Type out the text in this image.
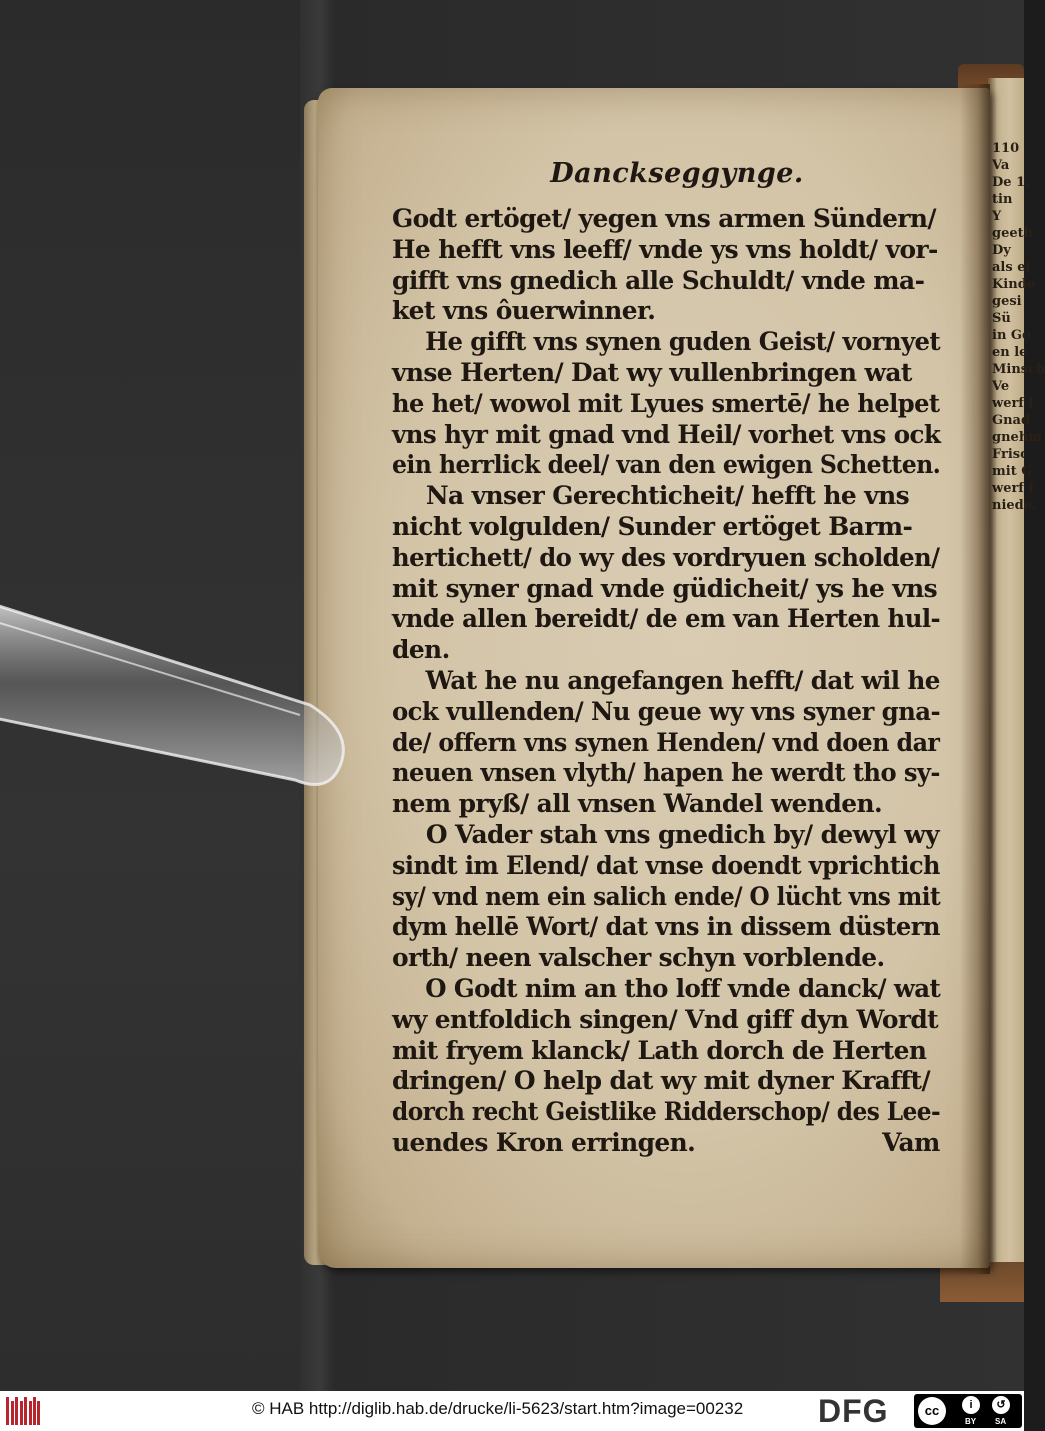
110
Va
De 1.
tin
Y
geeth
Dy
als ei
Kinde
gesi
Sü
in Go
en le
Minsch
Ve
werf f
Gnad
gnehm
Frisc
mit G
werf f
niede.
Danckseggynge.
Godt ertöget/ yegen vns armen Sündern/
He hefft vns leeff/ vnde ys vns holdt/ vor-
gifft vns gnedich alle Schuldt/ vnde ma-
ket vns ôuerwinner.
He gifft vns synen guden Geist/ vornyet
vnse Herten/ Dat wy vullenbringen wat
he het/ wowol mit Lyues smertē/ he helpet
vns hyr mit gnad vnd Heil/ vorhet vns ock
ein herrlick deel/ van den ewigen Schetten.
Na vnser Gerechticheit/ hefft he vns
nicht volgulden/ Sunder ertöget Barm-
hertichett/ do wy des vordryuen scholden/
mit syner gnad vnde güdicheit/ ys he vns
vnde allen bereidt/ de em van Herten hul-
den.
Wat he nu angefangen hefft/ dat wil he
ock vullenden/ Nu geue wy vns syner gna-
de/ offern vns synen Henden/ vnd doen dar
neuen vnsen vlyth/ hapen he werdt tho sy-
nem pryß/ all vnsen Wandel wenden.
O Vader stah vns gnedich by/ dewyl wy
sindt im Elend/ dat vnse doendt vprichtich
sy/ vnd nem ein salich ende/ O lücht vns mit
dym hellē Wort/ dat vns in dissem düstern
orth/ neen valscher schyn vorblende.
O Godt nim an tho loff vnde danck/ wat
wy entfoldich singen/ Vnd giff dyn Wordt
mit fryem klanck/ Lath dorch de Herten
dringen/ O help dat wy mit dyner Krafft/
dorch recht Geistlike Ridderschop/ des Lee-
uendes Kron erringen.	Vam
© HAB http://diglib.hab.de/drucke/li-5623/start.htm?image=00232 DFG	cc	i	↺
BY SA
